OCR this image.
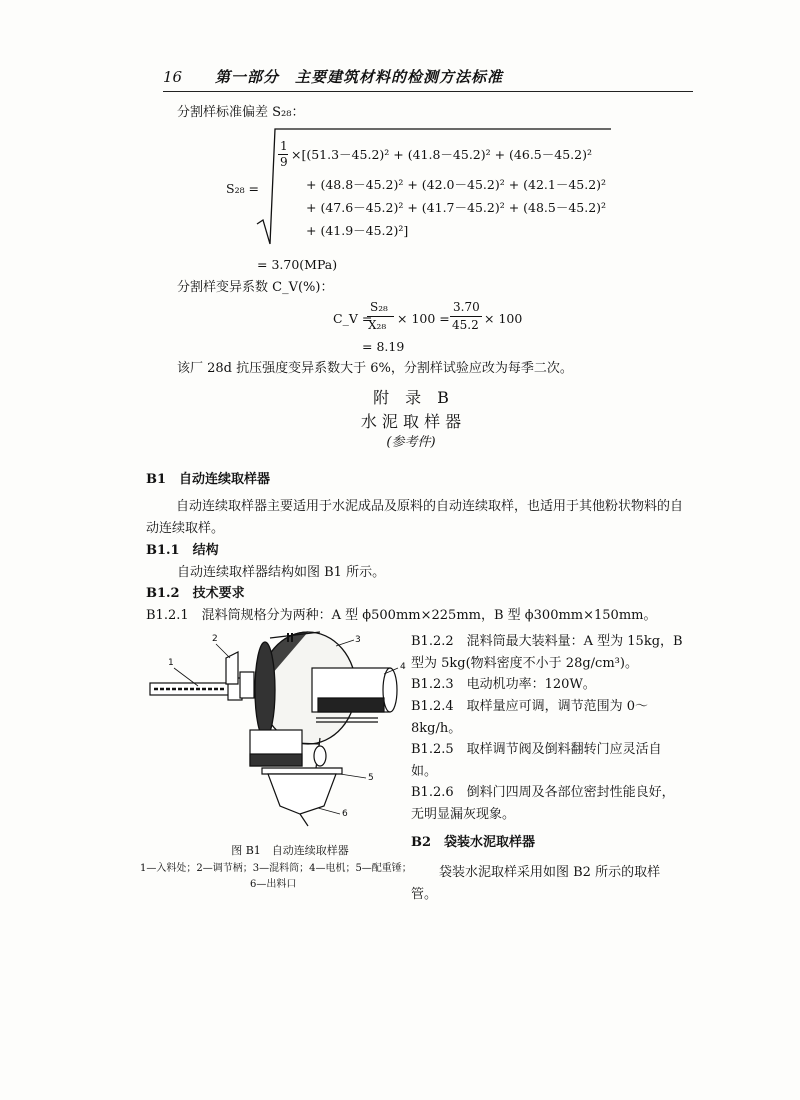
16 第一部分　主要建筑材料的检测方法标准
分割样标准偏差 S₂₈：
S₂₈ =
1
9 ×[(51.3－45.2)² + (41.8－45.2)² + (46.5－45.2)²
+ (48.8－45.2)² + (42.0－45.2)² + (42.1－45.2)²
+ (47.6－45.2)² + (41.7－45.2)² + (48.5－45.2)²
+ (41.9－45.2)²]
= 3.70(MPa)
分割样变异系数 C_V(%)：
C_V =
S₂₈
X₂₈ × 100 =
3.70
45.2 × 100
= 8.19
该厂 28d 抗压强度变异系数大于 6%，分割样试验应改为每季二次。
附　录　B
水 泥 取 样 器
(参考件)
B1　自动连续取样器
自动连续取样器主要适用于水泥成品及原料的自动连续取样，也适用于其他粉状物料的自动连续取样。
B1.1　结构
自动连续取样器结构如图 B1 所示。
B1.2　技术要求
B1.2.1　混料筒规格分为两种：A 型 ϕ500mm×225mm，B 型 ϕ300mm×150mm。
B1.2.2　混料筒最大装料量：A 型为 15kg，B 型为 5kg(物料密度不小于 28g/cm³)。
B1.2.3　电动机功率：120W。
B1.2.4　取样量应可调，调节范围为 0～8kg/h。
B1.2.5　取样调节阀及倒料翻转门应灵活自如。
B1.2.6　倒料门四周及各部位密封性能良好，无明显漏灰现象。
B2　袋装水泥取样器
袋装水泥取样采用如图 B2 所示的取样管。
1
2	3
4
5
6
图 B1　自动连续取样器
1—入料处；2—调节柄；3—混料筒；4—电机；5—配重锤；
6—出料口
